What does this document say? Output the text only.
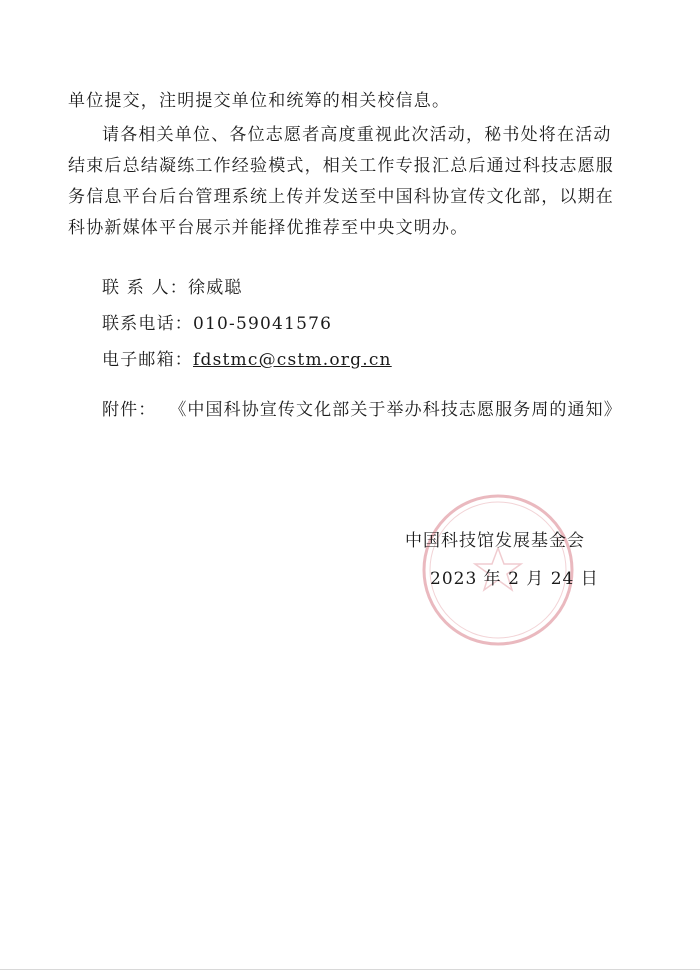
单位提交，注明提交单位和统筹的相关校信息。
请各相关单位、各位志愿者高度重视此次活动，秘书处将在活动
结束后总结凝练工作经验模式，相关工作专报汇总后通过科技志愿服
务信息平台后台管理系统上传并发送至中国科协宣传文化部，以期在
科协新媒体平台展示并能择优推荐至中央文明办。
联 系 人：徐威聪
联系电话：010-59041576
电子邮箱：fdstmc@cstm.org.cn
附件： 《中国科协宣传文化部关于举办科技志愿服务周的通知》
中国科技馆发展基金会
2023 年 2 月 24 日
